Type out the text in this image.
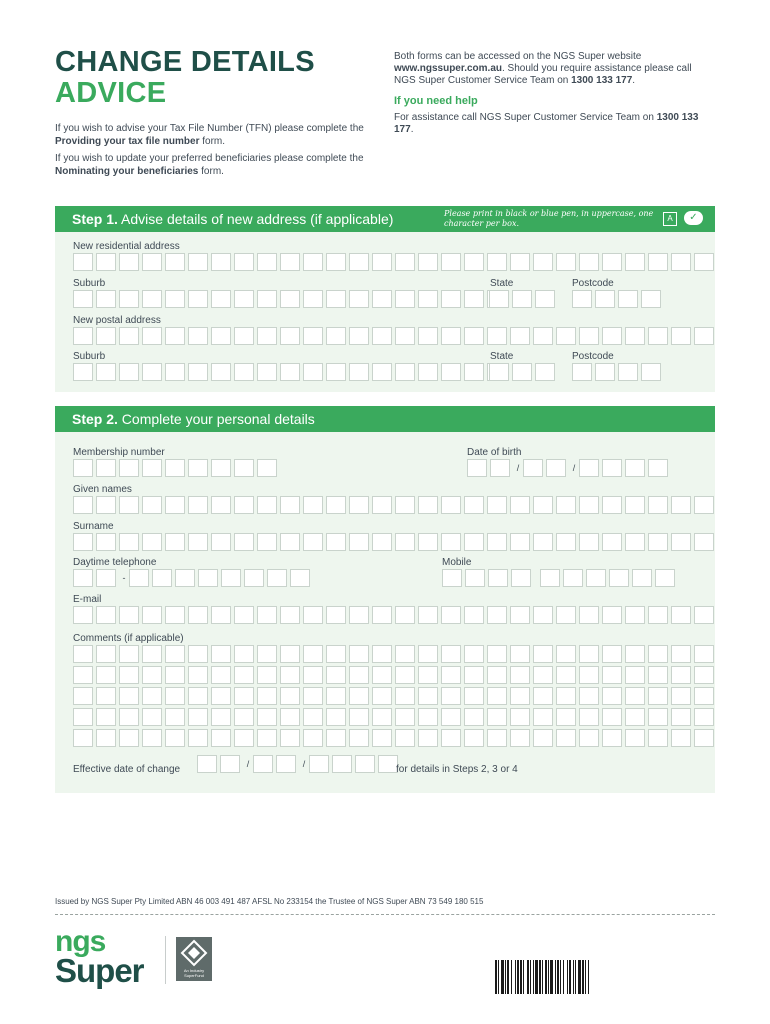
CHANGE DETAILS
ADVICE
If you wish to advise your Tax File Number (TFN) please complete the Providing your tax file number form.
If you wish to update your preferred beneficiaries please complete the Nominating your beneficiaries form.
Both forms can be accessed on the NGS Super website www.ngssuper.com.au. Should you require assistance please call NGS Super Customer Service Team on 1300 133 177.
If you need help
For assistance call NGS Super Customer Service Team on 1300 133 177.
Step 1. Advise details of new address (if applicable)	Please print in black or blue pen, in uppercase, one character per box.
A	✓
New residential address
Suburb	State	Postcode
New postal address
Suburb	State	Postcode
Step 2. Complete your personal details
Membership number	Date of birth
/	/
Given names
Surname
Daytime telephone	Mobile
-
E-mail
Comments (if applicable)
Effective date of change	/	/	for details in Steps 2, 3 or 4
Issued by NGS Super Pty Limited ABN 46 003 491 487 AFSL No 233154 the Trustee of NGS Super ABN 73 549 180 515
ngs
Super	An Industry SuperFund
